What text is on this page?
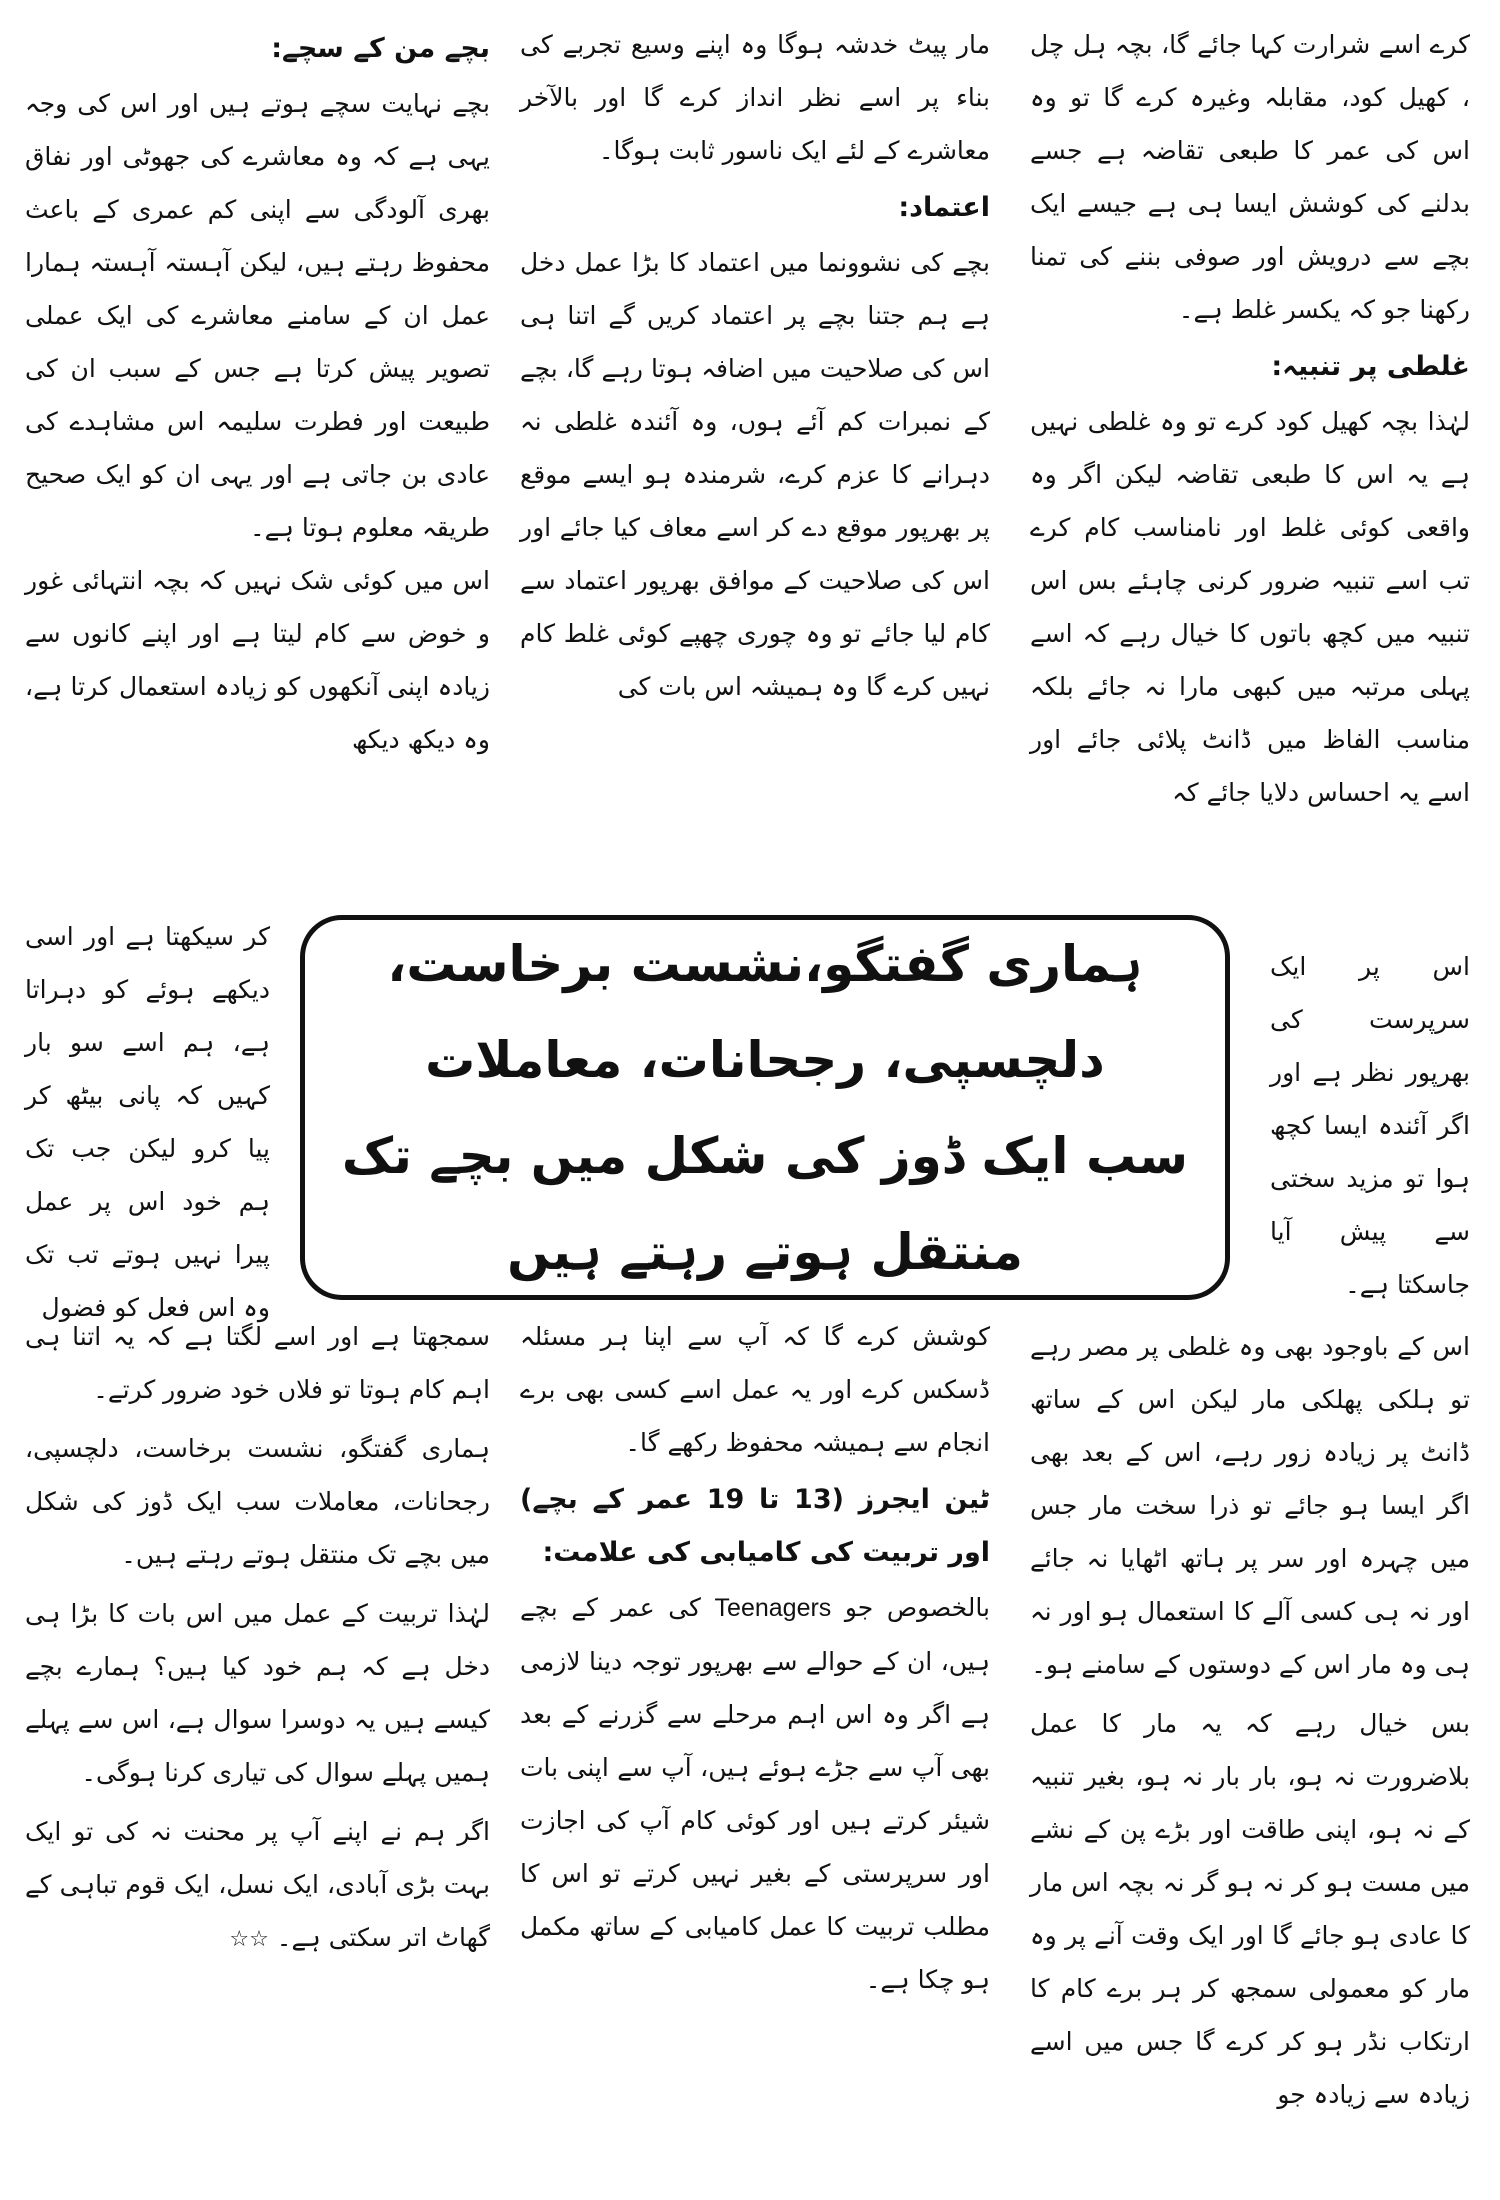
کرے اسے شرارت کہا جائے گا، بچہ ہل چل ، کھیل کود، مقابلہ وغیرہ کرے گا تو وہ اس کی عمر کا طبعی تقاضہ ہے جسے بدلنے کی کوشش ایسا ہی ہے جیسے ایک بچے سے درویش اور صوفی بننے کی تمنا رکھنا جو کہ یکسر غلط ہے۔

غلطی پر تنبیہ:

لہٰذا بچہ کھیل کود کرے تو وہ غلطی نہیں ہے یہ اس کا طبعی تقاضہ لیکن اگر وہ واقعی کوئی غلط اور نامناسب کام کرے تب اسے تنبیہ ضرور کرنی چاہئے بس اس تنبیہ میں کچھ باتوں کا خیال رہے کہ اسے پہلی مرتبہ میں کبھی مارا نہ جائے بلکہ مناسب الفاظ میں ڈانٹ پلائی جائے اور اسے یہ احساس دلایا جائے کہ

اس پر ایک سرپرست کی بھرپور نظر ہے اور اگر آئندہ ایسا کچھ ہوا تو مزید سختی سے پیش آیا جاسکتا ہے۔

اس کے باوجود بھی وہ غلطی پر مصر رہے تو ہلکی پھلکی مار لیکن اس کے ساتھ ڈانٹ پر زیادہ زور رہے، اس کے بعد بھی اگر ایسا ہو جائے تو ذرا سخت مار جس میں چہرہ اور سر پر ہاتھ اٹھایا نہ جائے اور نہ ہی کسی آلے کا استعمال ہو اور نہ ہی وہ مار اس کے دوستوں کے سامنے ہو۔

بس خیال رہے کہ یہ مار کا عمل بلاضرورت نہ ہو، بار بار نہ ہو، بغیر تنبیہ کے نہ ہو، اپنی طاقت اور بڑے پن کے نشے میں مست ہو کر نہ ہو گر نہ بچہ اس مار کا عادی ہو جائے گا اور ایک وقت آنے پر وہ مار کو معمولی سمجھ کر ہر برے کام کا ارتکاب نڈر ہو کر کرے گا جس میں اسے زیادہ سے زیادہ جو

مار پیٹ خدشہ ہوگا وہ اپنے وسیع تجربے کی بناء پر اسے نظر انداز کرے گا اور بالآخر معاشرے کے لئے ایک ناسور ثابت ہوگا۔

اعتماد:

بچے کی نشوونما میں اعتماد کا بڑا عمل دخل ہے ہم جتنا بچے پر اعتماد کریں گے اتنا ہی اس کی صلاحیت میں اضافہ ہوتا رہے گا، بچے کے نمبرات کم آئے ہوں، وہ آئندہ غلطی نہ دہرانے کا عزم کرے، شرمندہ ہو ایسے موقع پر بھرپور موقع دے کر اسے معاف کیا جائے اور اس کی صلاحیت کے موافق بھرپور اعتماد سے کام لیا جائے تو وہ چوری چھپے کوئی غلط کام نہیں کرے گا وہ ہمیشہ اس بات کی

کوشش کرے گا کہ آپ سے اپنا ہر مسئلہ ڈسکس کرے اور یہ عمل اسے کسی بھی برے انجام سے ہمیشہ محفوظ رکھے گا۔

ٹین ایجرز (13 تا 19 عمر کے بچے) اور تربیت کی کامیابی کی علامت:

بالخصوص جو Teenagers کی عمر کے بچے ہیں، ان کے حوالے سے بھرپور توجہ دینا لازمی ہے اگر وہ اس اہم مرحلے سے گزرنے کے بعد بھی آپ سے جڑے ہوئے ہیں، آپ سے اپنی بات شیئر کرتے ہیں اور کوئی کام آپ کی اجازت اور سرپرستی کے بغیر نہیں کرتے تو اس کا مطلب تربیت کا عمل کامیابی کے ساتھ مکمل ہو چکا ہے۔

بچے من کے سچے:

بچے نہایت سچے ہوتے ہیں اور اس کی وجہ یہی ہے کہ وہ معاشرے کی جھوٹی اور نفاق بھری آلودگی سے اپنی کم عمری کے باعث محفوظ رہتے ہیں، لیکن آہستہ آہستہ ہمارا عمل ان کے سامنے معاشرے کی ایک عملی تصویر پیش کرتا ہے جس کے سبب ان کی طبیعت اور فطرت سلیمہ اس مشاہدے کی عادی بن جاتی ہے اور یہی ان کو ایک صحیح طریقہ معلوم ہوتا ہے۔

اس میں کوئی شک نہیں کہ بچہ انتہائی غور و خوض سے کام لیتا ہے اور اپنے کانوں سے زیادہ اپنی آنکھوں کو زیادہ استعمال کرتا ہے، وہ دیکھ دیکھ

کر سیکھتا ہے اور اسی دیکھے ہوئے کو دہراتا ہے، ہم اسے سو بار کہیں کہ پانی بیٹھ کر پیا کرو لیکن جب تک ہم خود اس پر عمل پیرا نہیں ہوتے تب تک وہ اس فعل کو فضول

سمجھتا ہے اور اسے لگتا ہے کہ یہ اتنا ہی اہم کام ہوتا تو فلاں خود ضرور کرتے۔

ہماری گفتگو، نشست برخاست، دلچسپی، رجحانات، معاملات سب ایک ڈوز کی شکل میں بچے تک منتقل ہوتے رہتے ہیں۔

لہٰذا تربیت کے عمل میں اس بات کا بڑا ہی دخل ہے کہ ہم خود کیا ہیں؟ ہمارے بچے کیسے ہیں یہ دوسرا سوال ہے، اس سے پہلے ہمیں پہلے سوال کی تیاری کرنا ہوگی۔

اگر ہم نے اپنے آپ پر محنت نہ کی تو ایک بہت بڑی آبادی، ایک نسل، ایک قوم تباہی کے گھاٹ اتر سکتی ہے۔ ☆☆

ہماری گفتگو،نشست برخاست، دلچسپی، رجحانات، معاملات
سب ایک ڈوز کی شکل میں بچے تک منتقل ہوتے رہتے ہیں
